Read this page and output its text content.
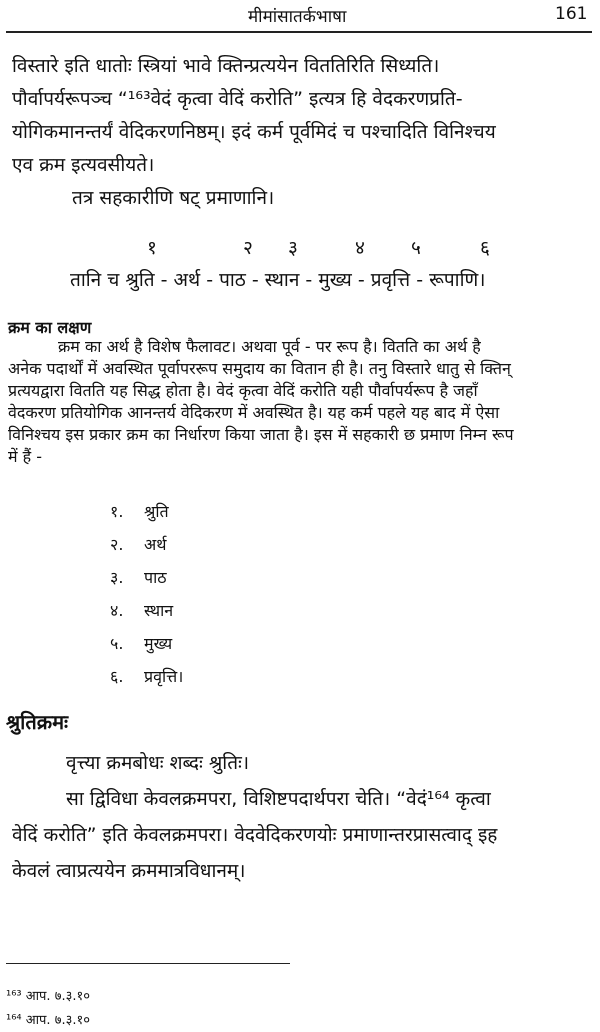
मीमांसातर्कभाषा	161
विस्तारे इति धातोः स्त्रियां भावे क्तिन्प्रत्ययेन विततिरिति सिध्यति।
पौर्वापर्यरूपञ्च “¹⁶³वेदं कृत्वा वेदिं करोति” इत्यत्र हि वेदकरणप्रति-
योगिकमानन्तर्यं वेदिकरणनिष्ठम्। इदं कर्म पूर्वमिदं च पश्चादिति विनिश्चय
एव क्रम इत्यवसीयते।
तत्र सहकारीणि षट् प्रमाणानि।
१	२ ३	४ ५	६
तानि च श्रुति - अर्थ - पाठ - स्थान - मुख्य - प्रवृत्ति - रूपाणि।
क्रम का लक्षण
क्रम का अर्थ है विशेष फैलावट। अथवा पूर्व - पर रूप है। वितति का अर्थ है
अनेक पदार्थों में अवस्थित पूर्वापररूप समुदाय का वितान ही है। तनु विस्तारे धातु से क्तिन्
प्रत्ययद्वारा वितति यह सिद्ध होता है। वेदं कृत्वा वेदिं करोति यही पौर्वापर्यरूप है जहाँ
वेदकरण प्रतियोगिक आनन्तर्य वेदिकरण में अवस्थित है। यह कर्म पहले यह बाद में ऐसा
विनिश्चय इस प्रकार क्रम का निर्धारण किया जाता है। इस में सहकारी छ प्रमाण निम्न रूप
में हैं -
१.	श्रुति
२.	अर्थ
३.	पाठ
४.	स्थान
५.	मुख्य
६.	प्रवृत्ति।
श्रुतिक्रमः
वृत्त्या क्रमबोधः शब्दः श्रुतिः।
सा द्विविधा केवलक्रमपरा, विशिष्टपदार्थपरा चेति। “वेदं¹⁶⁴ कृत्वा
वेदिं करोति” इति केवलक्रमपरा। वेदवेदिकरणयोः प्रमाणान्तरप्रासत्वाद् इह
केवलं त्वाप्रत्ययेन क्रममात्रविधानम्।
¹⁶³ आप. ७.३.१०
¹⁶⁴ आप. ७.३.१०
